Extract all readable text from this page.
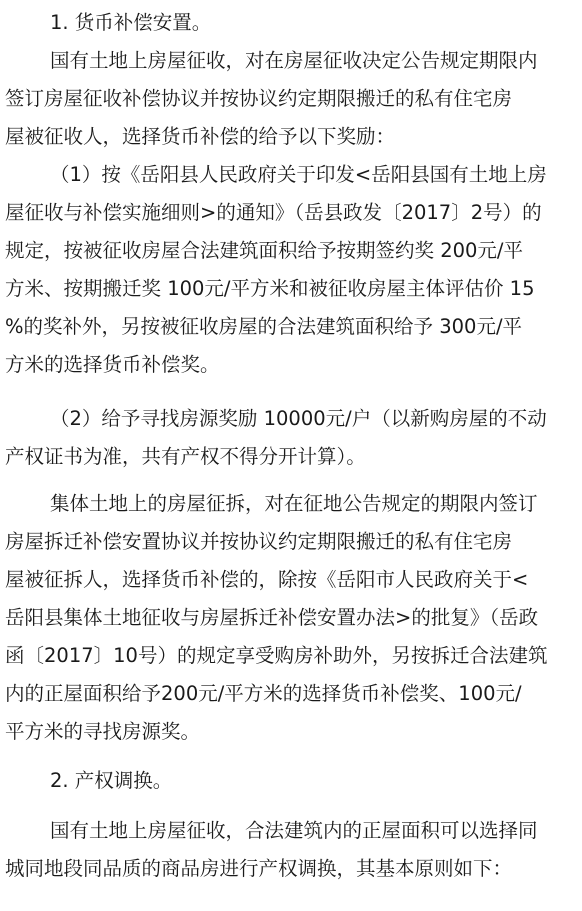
1. 货币补偿安置。
国有土地上房屋征收，对在房屋征收决定公告规定期限内
签订房屋征收补偿协议并按协议约定期限搬迁的私有住宅房
屋被征收人，选择货币补偿的给予以下奖励：
（1）按《岳阳县人民政府关于印发<岳阳县国有土地上房
屋征收与补偿实施细则>的通知》（岳县政发〔2017〕2号）的
规定，按被征收房屋合法建筑面积给予按期签约奖 200元/平
方米、按期搬迁奖 100元/平方米和被征收房屋主体评估价 15
%的奖补外，另按被征收房屋的合法建筑面积给予 300元/平
方米的选择货币补偿奖。
（2）给予寻找房源奖励 10000元/户（以新购房屋的不动
产权证书为准，共有产权不得分开计算）。
集体土地上的房屋征拆，对在征地公告规定的期限内签订
房屋拆迁补偿安置协议并按协议约定期限搬迁的私有住宅房
屋被征拆人，选择货币补偿的，除按《岳阳市人民政府关于<
岳阳县集体土地征收与房屋拆迁补偿安置办法>的批复》（岳政
函〔2017〕10号）的规定享受购房补助外，另按拆迁合法建筑
内的正屋面积给予200元/平方米的选择货币补偿奖、100元/
平方米的寻找房源奖。
2. 产权调换。
国有土地上房屋征收，合法建筑内的正屋面积可以选择同
城同地段同品质的商品房进行产权调换，其基本原则如下：
